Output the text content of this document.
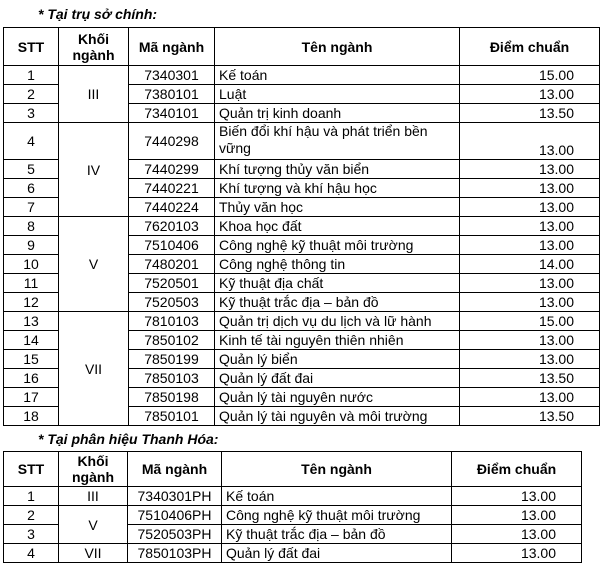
* Tại trụ sở chính:
STT	Khối ngành	Mã ngành	Tên ngành	Điểm chuẩn
1	III	7340301	Kế toán	15.00
2		7380101	Luật	13.00
3		7340101	Quản trị kinh doanh	13.50
4	IV	7440298	Biến đổi khí hậu và phát triển bền vững	13.00
5		7440299	Khí tượng thủy văn biển	13.00
6		7440221	Khí tượng và khí hậu học	13.00
7		7440224	Thủy văn học	13.00
8	V	7620103	Khoa học đất	13.00
9		7510406	Công nghệ kỹ thuật môi trường	13.00
10		7480201	Công nghệ thông tin	14.00
11		7520501	Kỹ thuật địa chất	13.00
12		7520503	Kỹ thuật trắc địa – bản đồ	13.00
13	VII	7810103	Quản trị dịch vụ du lịch và lữ hành	15.00
14		7850102	Kinh tế tài nguyên thiên nhiên	13.00
15		7850199	Quản lý biển	13.00
16		7850103	Quản lý đất đai	13.50
17		7850198	Quản lý tài nguyên nước	13.00
18		7850101	Quản lý tài nguyên và môi trường	13.50
* Tại phân hiệu Thanh Hóa:
STT	Khối ngành	Mã ngành	Tên ngành	Điểm chuẩn
1	III	7340301PH	Kế toán	13.00
2	V	7510406PH	Công nghệ kỹ thuật môi trường	13.00
3		7520503PH	Kỹ thuật trắc địa – bản đồ	13.00
4	VII	7850103PH	Quản lý đất đai	13.00
